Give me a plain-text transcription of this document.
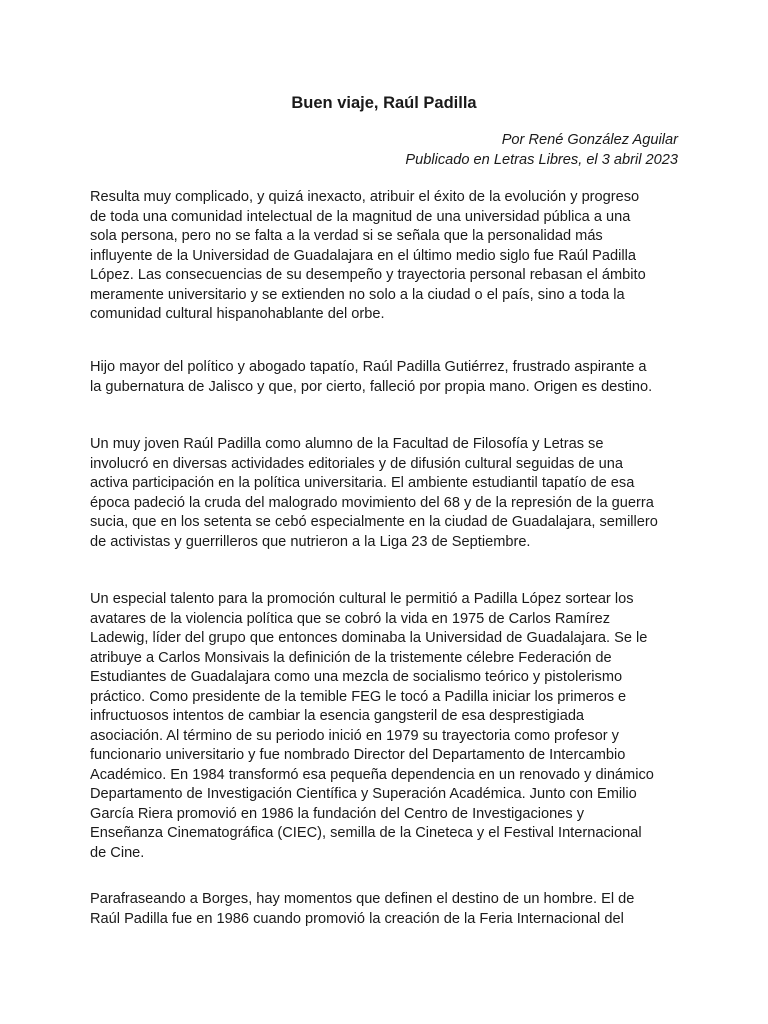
Buen viaje, Raúl Padilla
Por René González Aguilar
Publicado en Letras Libres, el 3 abril 2023
Resulta muy complicado, y quizá inexacto, atribuir el éxito de la evolución y progreso
de toda una comunidad intelectual de la magnitud de una universidad pública a una
sola persona, pero no se falta a la verdad si se señala que la personalidad más
influyente de la Universidad de Guadalajara en el último medio siglo fue Raúl Padilla
López. Las consecuencias de su desempeño y trayectoria personal rebasan el ámbito
meramente universitario y se extienden no solo a la ciudad o el país, sino a toda la
comunidad cultural hispanohablante del orbe.
Hijo mayor del político y abogado tapatío, Raúl Padilla Gutiérrez, frustrado aspirante a
la gubernatura de Jalisco y que, por cierto, falleció por propia mano. Origen es destino.
Un muy joven Raúl Padilla como alumno de la Facultad de Filosofía y Letras se
involucró en diversas actividades editoriales y de difusión cultural seguidas de una
activa participación en la política universitaria. El ambiente estudiantil tapatío de esa
época padeció la cruda del malogrado movimiento del 68 y de la represión de la guerra
sucia, que en los setenta se cebó especialmente en la ciudad de Guadalajara, semillero
de activistas y guerrilleros que nutrieron a la Liga 23 de Septiembre.
Un especial talento para la promoción cultural le permitió a Padilla López sortear los
avatares de la violencia política que se cobró la vida en 1975 de Carlos Ramírez
Ladewig, líder del grupo que entonces dominaba la Universidad de Guadalajara. Se le
atribuye a Carlos Monsivais la definición de la tristemente célebre Federación de
Estudiantes de Guadalajara como una mezcla de socialismo teórico y pistolerismo
práctico. Como presidente de la temible FEG le tocó a Padilla iniciar los primeros e
infructuosos intentos de cambiar la esencia gangsteril de esa desprestigiada
asociación. Al término de su periodo inició en 1979 su trayectoria como profesor y
funcionario universitario y fue nombrado Director del Departamento de Intercambio
Académico. En 1984 transformó esa pequeña dependencia en un renovado y dinámico
Departamento de Investigación Científica y Superación Académica. Junto con Emilio
García Riera promovió en 1986 la fundación del Centro de Investigaciones y
Enseñanza Cinematográfica (CIEC), semilla de la Cineteca y el Festival Internacional
de Cine.
Parafraseando a Borges, hay momentos que definen el destino de un hombre. El de
Raúl Padilla fue en 1986 cuando promovió la creación de la Feria Internacional del
